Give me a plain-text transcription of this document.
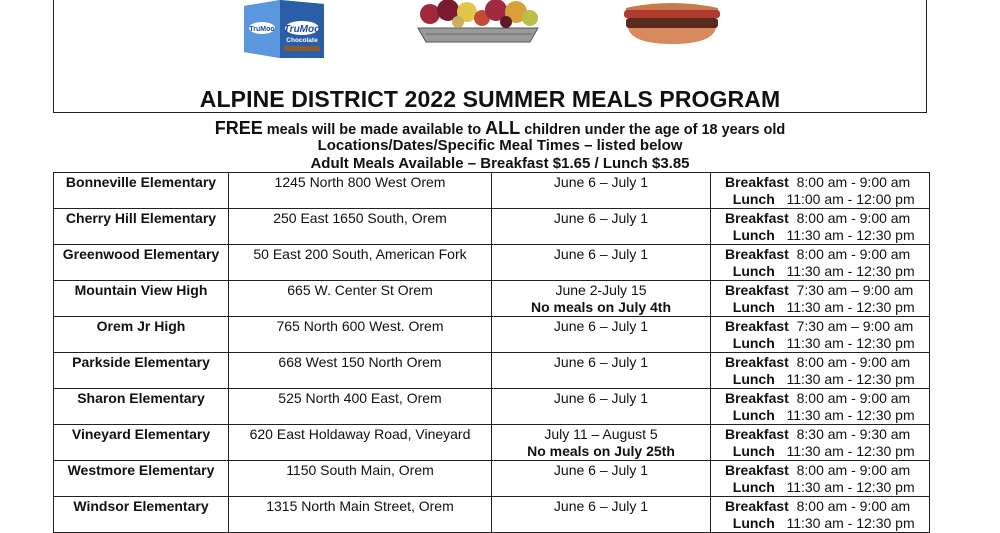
TruMoo TruMoo
Chocolate
ALPINE DISTRICT 2022 SUMMER MEALS PROGRAM
FREE meals will be made available to ALL children under the age of 18 years old
Locations/Dates/Specific Meal Times – listed below
Adult Meals Available – Breakfast $1.65 / Lunch $3.85
Bonneville Elementary	1245 North 800 West Orem	June 6 – July 1	Breakfast 8:00 am - 9:00 am
Lunch 11:00 am - 12:00 pm

Cherry Hill Elementary	250 East 1650 South, Orem	June 6 – July 1	Breakfast 8:00 am - 9:00 am
Lunch 11:30 am - 12:30 pm

Greenwood Elementary	50 East 200 South, American Fork	June 6 – July 1	Breakfast 8:00 am - 9:00 am
Lunch 11:30 am - 12:30 pm

Mountain View High	665 W. Center St Orem	June 2-July 15
No meals on July 4th	Breakfast 7:30 am – 9:00 am
Lunch 11:30 am - 12:30 pm

Orem Jr High	765 North 600 West. Orem	June 6 – July 1	Breakfast 7:30 am – 9:00 am
Lunch 11:30 am - 12:30 pm

Parkside Elementary	668 West 150 North Orem	June 6 – July 1	Breakfast 8:00 am - 9:00 am
Lunch 11:30 am - 12:30 pm

Sharon Elementary	525 North 400 East, Orem	June 6 – July 1	Breakfast 8:00 am - 9:00 am
Lunch 11:30 am - 12:30 pm

Vineyard Elementary	620 East Holdaway Road, Vineyard	July 11 – August 5
No meals on July 25th	Breakfast 8:30 am - 9:30 am
Lunch 11:30 am - 12:30 pm

Westmore Elementary	1150 South Main, Orem	June 6 – July 1	Breakfast 8:00 am - 9:00 am
Lunch 11:30 am - 12:30 pm

Windsor Elementary	1315 North Main Street, Orem	June 6 – July 1	Breakfast 8:00 am - 9:00 am
Lunch 11:30 am - 12:30 pm
